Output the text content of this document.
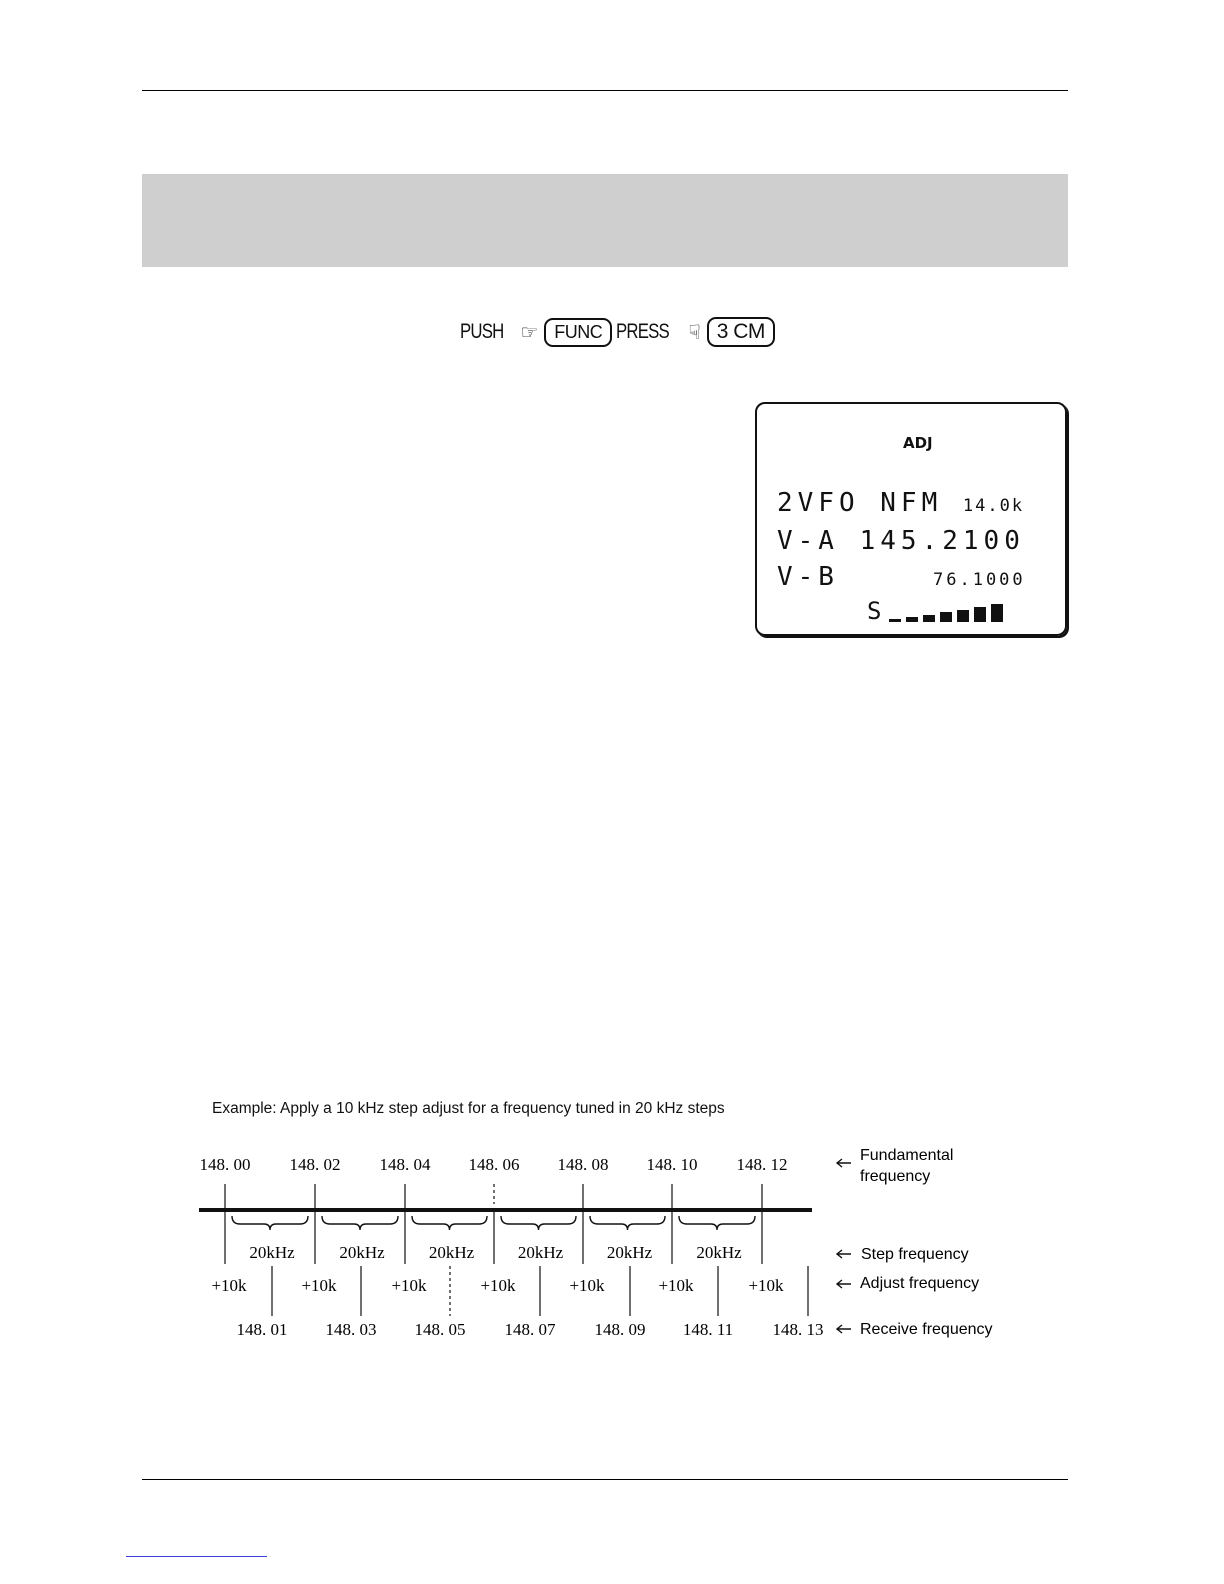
PUSH ☞ FUNC PRESS ☟ 3 CM
ADJ
2VFO NFM 14.0k
V-A 145.2100
V-B	76.1000
S
Example: Apply a 10 kHz step adjust for a frequency tuned in 20 kHz steps
148. 00 148. 02 148. 04 148. 06 148. 08 148. 10 148. 12
20kHz	20kHz	20kHz	20kHz	20kHz	20kHz
+10k	+10k	+10k	+10k	+10k	+10k	+10k
148. 01 148. 03 148. 05 148. 07 148. 09 148. 11 148. 13
Fundamental
frequency
Step frequency
Adjust frequency
Receive frequency
